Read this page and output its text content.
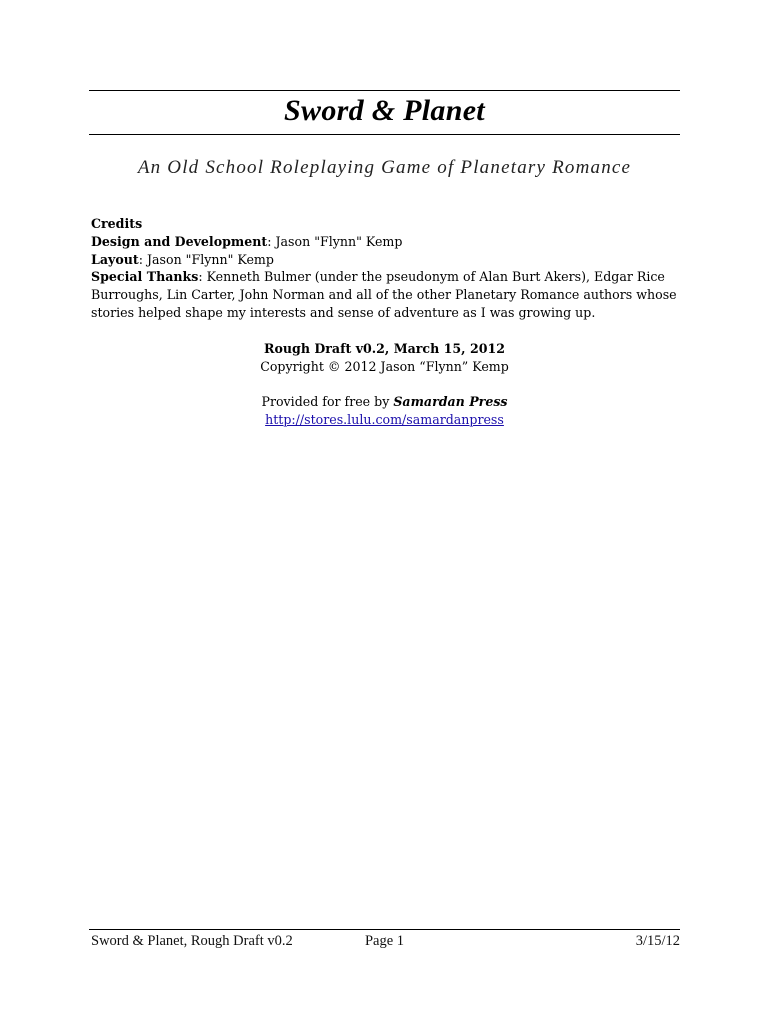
Sword & Planet
An Old School Roleplaying Game of Planetary Romance
Credits
Design and Development: Jason "Flynn" Kemp
Layout: Jason "Flynn" Kemp
Special Thanks: Kenneth Bulmer (under the pseudonym of Alan Burt Akers), Edgar Rice Burroughs, Lin Carter, John Norman and all of the other Planetary Romance authors whose stories helped shape my interests and sense of adventure as I was growing up.
Rough Draft v0.2, March 15, 2012
Copyright © 2012 Jason “Flynn” Kemp
Provided for free by Samardan Press
http://stores.lulu.com/samardanpress
Sword & Planet, Rough Draft v0.2	Page 1	3/15/12
